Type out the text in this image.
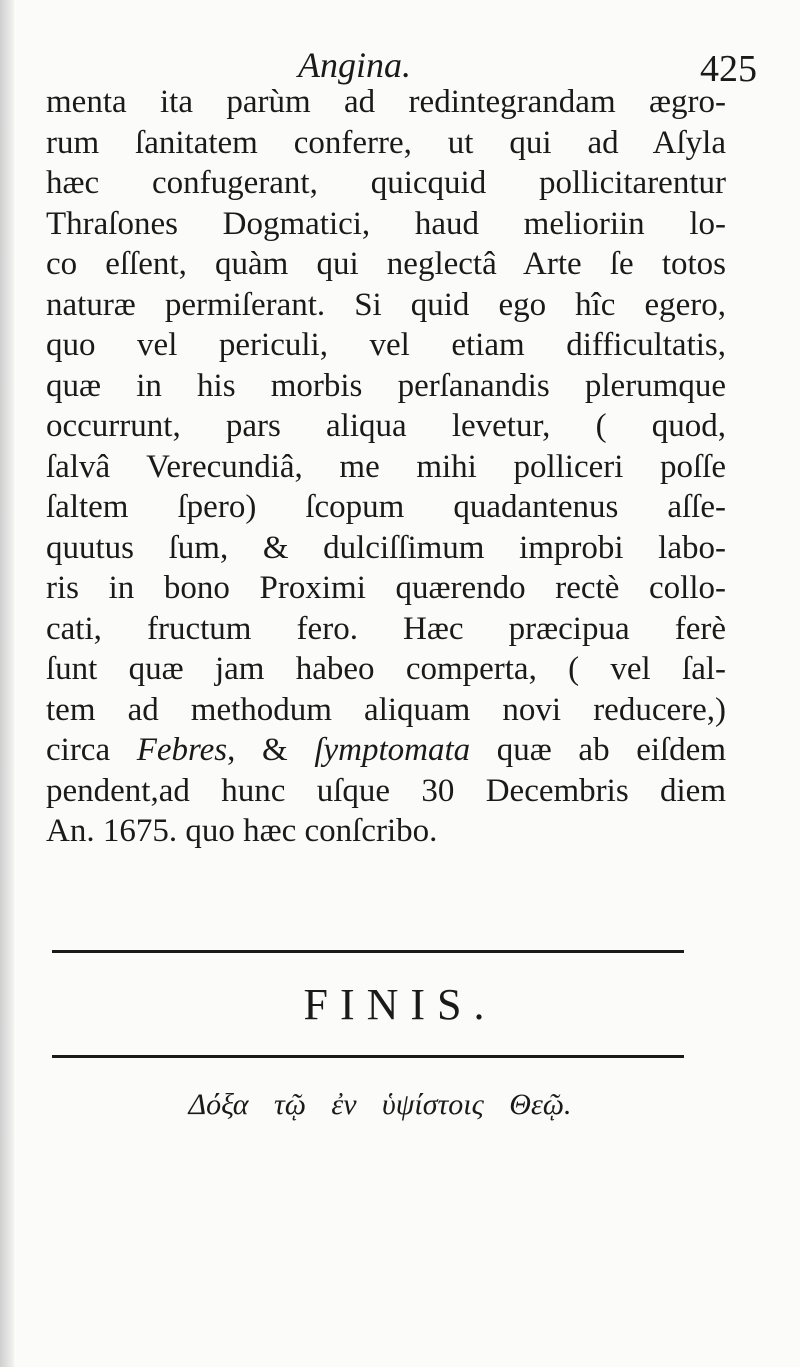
Angina.	425
menta ita parùm ad redintegrandam ægro-
rum ſanitatem conferre, ut qui ad Aſyla
hæc confugerant, quicquid pollicitarentur
Thraſones Dogmatici, haud melioriin lo-
co eſſent, quàm qui neglectâ Arte ſe totos
naturæ permiſerant. Si quid ego hîc egero,
quo vel periculi, vel etiam difficultatis,
quæ in his morbis perſanandis plerumque
occurrunt, pars aliqua levetur, ( quod,
ſalvâ Verecundiâ, me mihi polliceri poſſe
ſaltem ſpero) ſcopum quadantenus aſſe-
quutus ſum, & dulciſſimum improbi labo-
ris in bono Proximi quærendo rectè collo-
cati, fructum fero. Hæc præcipua ferè
ſunt quæ jam habeo comperta, ( vel ſal-
tem ad methodum aliquam novi reducere,)
circa Febres, & ſymptomata quæ ab eiſdem
pendent,ad hunc uſque 30 Decembris diem
An. 1675. quo hæc conſcribo.
FINIS.
Δόξα τῷ ἐν ὑψίστοις Θεῷ.
